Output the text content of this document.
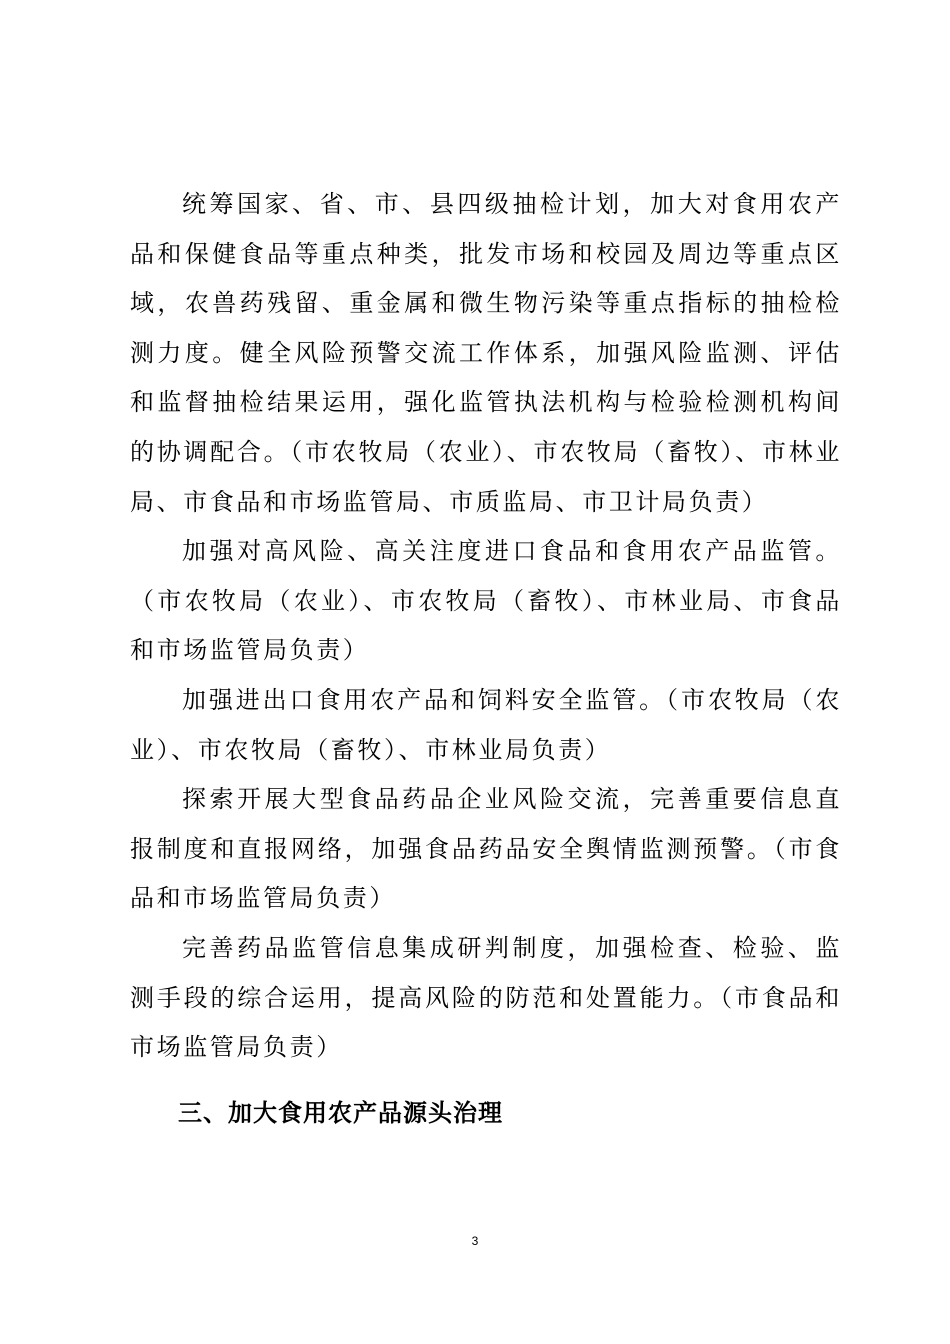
统筹国家、省、市、县四级抽检计划，加大对食用农产品和保健食品等重点种类，批发市场和校园及周边等重点区域，农兽药残留、重金属和微生物污染等重点指标的抽检检测力度。健全风险预警交流工作体系，加强风险监测、评估和监督抽检结果运用，强化监管执法机构与检验检测机构间的协调配合。（市农牧局（农业）、市农牧局（畜牧）、市林业局、市食品和市场监管局、市质监局、市卫计局负责）

加强对高风险、高关注度进口食品和食用农产品监管。（市农牧局（农业）、市农牧局（畜牧）、市林业局、市食品和市场监管局负责）

加强进出口食用农产品和饲料安全监管。（市农牧局（农业）、市农牧局（畜牧）、市林业局负责）

探索开展大型食品药品企业风险交流，完善重要信息直报制度和直报网络，加强食品药品安全舆情监测预警。（市食品和市场监管局负责）

完善药品监管信息集成研判制度，加强检查、检验、监测手段的综合运用，提高风险的防范和处置能力。（市食品和市场监管局负责）

三、加大食用农产品源头治理

3
